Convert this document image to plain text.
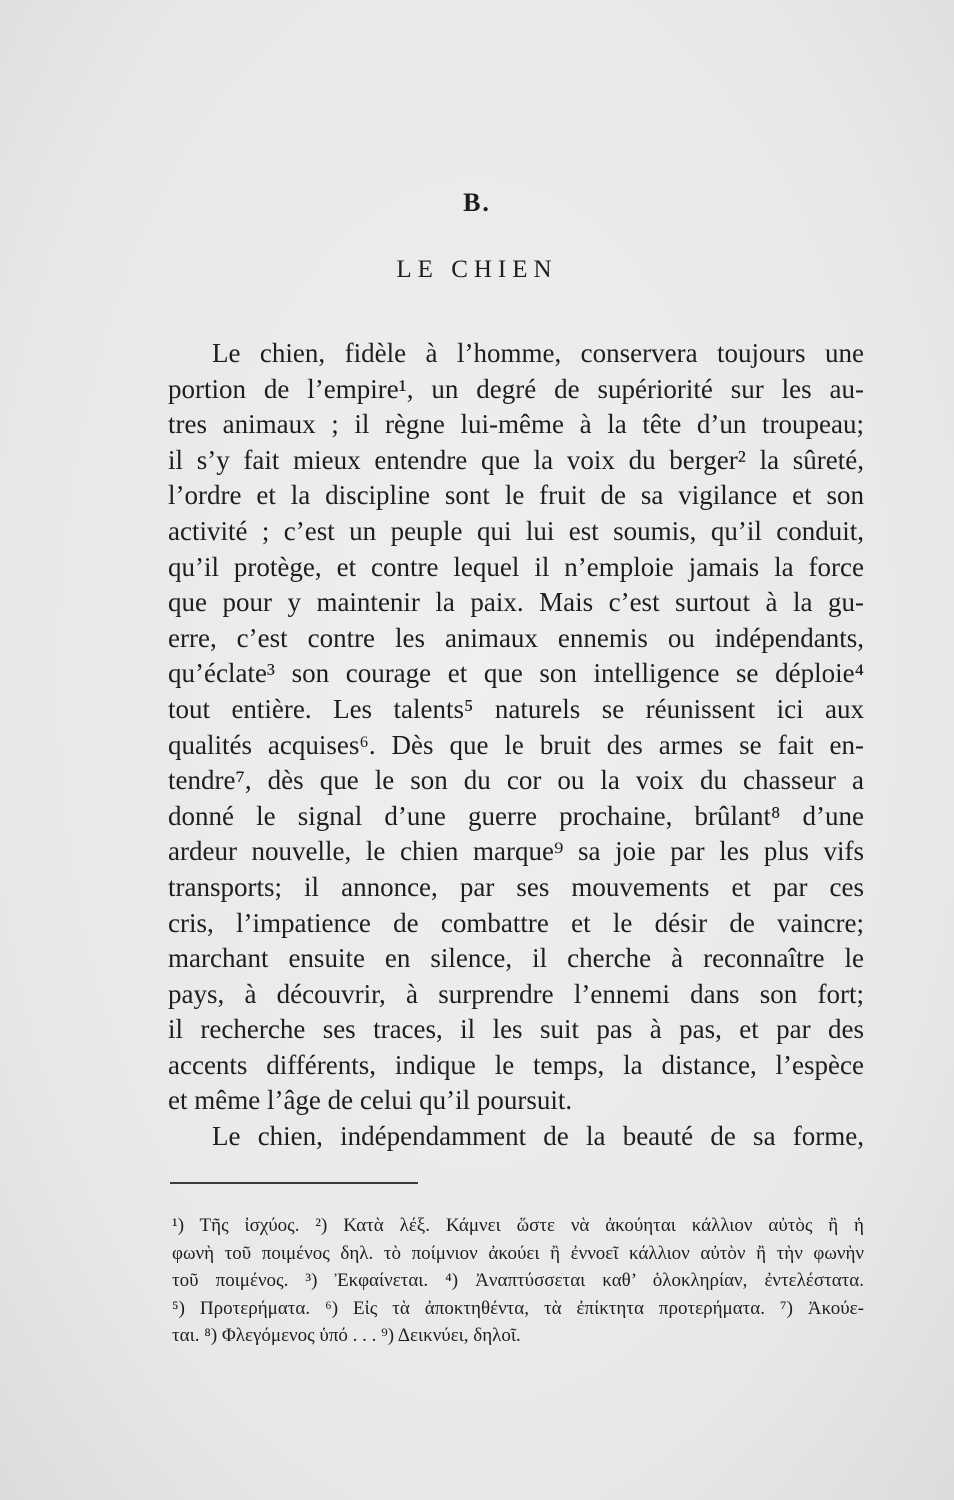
B.
LE CHIEN
Le chien, fidèle à l’homme, conservera toujours une
portion de l’empire¹, un degré de supériorité sur les au-
tres animaux ; il règne lui-même à la tête d’un troupeau;
il s’y fait mieux entendre que la voix du berger² la sûreté,
l’ordre et la discipline sont le fruit de sa vigilance et son
activité ; c’est un peuple qui lui est soumis, qu’il conduit,
qu’il protège, et contre lequel il n’emploie jamais la force
que pour y maintenir la paix. Mais c’est surtout à la gu-
erre, c’est contre les animaux ennemis ou indépendants,
qu’éclate³ son courage et que son intelligence se déploie⁴
tout entière. Les talents⁵ naturels se réunissent ici aux
qualités acquises⁶. Dès que le bruit des armes se fait en-
tendre⁷, dès que le son du cor ou la voix du chasseur a
donné le signal d’une guerre prochaine, brûlant⁸ d’une
ardeur nouvelle, le chien marque⁹ sa joie par les plus vifs
transports; il annonce, par ses mouvements et par ces
cris, l’impatience de combattre et le désir de vaincre;
marchant ensuite en silence, il cherche à reconnaître le
pays, à découvrir, à surprendre l’ennemi dans son fort;
il recherche ses traces, il les suit pas à pas, et par des
accents différents, indique le temps, la distance, l’espèce
et même l’âge de celui qu’il poursuit.
Le chien, indépendamment de la beauté de sa forme,
¹) Τῆς ἰσχύος. ²) Κατὰ λέξ. Κάμνει ὥστε νὰ ἀκούηται κάλλιον αὐτὸς ἢ ἡ
φωνὴ τοῦ ποιμένος δηλ. τὸ ποίμνιον ἀκούει ἢ ἐννοεῖ κάλλιον αὐτὸν ἢ τὴν φωνὴν
τοῦ ποιμένος. ³) Ἐκφαίνεται. ⁴) Ἀναπτύσσεται καθ’ ὁλοκληρίαν, ἐντελέστατα.
⁵) Προτερήματα. ⁶) Εἰς τὰ ἀποκτηθέντα, τὰ ἐπίκτητα προτερήματα. ⁷) Ἀκούε-
ται. ⁸) Φλεγόμενος ὑπό . . . ⁹) Δεικνύει, δηλοῖ.
